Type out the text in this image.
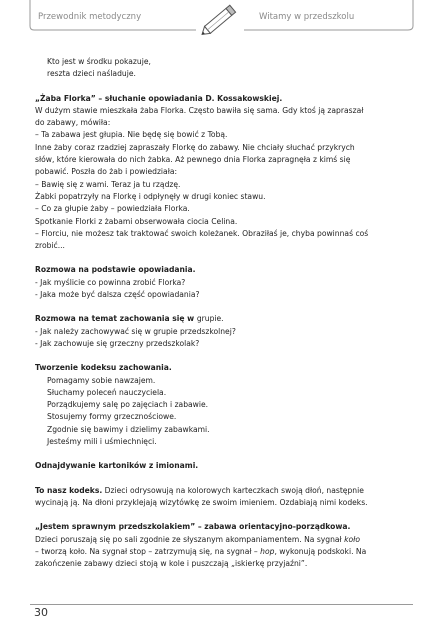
Przewodnik metodyczny	Witamy w przedszkolu

Kto jest w środku pokazuje,

reszta dzieci naśladuje.

„Żaba Florka” – słuchanie opowiadania D. Kossakowskiej.

W dużym stawie mieszkała żaba Florka. Często bawiła się sama. Gdy ktoś ją zapraszał

do zabawy, mówiła:

– Ta zabawa jest głupia. Nie będę się bowić z Tobą.

Inne żaby coraz rzadziej zapraszały Florkę do zabawy. Nie chciały słuchać przykrych

słów, które kierowała do nich żabka. Aż pewnego dnia Florka zapragnęła z kimś się

pobawić. Poszła do żab i powiedziała:

– Bawię się z wami. Teraz ja tu rządzę.

Żabki popatrzyły na Florkę i odpłynęły w drugi koniec stawu.

– Co za głupie żaby – powiedziała Florka.

Spotkanie Florki z żabami obserwowała ciocia Celina.

– Florciu, nie możesz tak traktować swoich koleżanek. Obraziłaś je, chyba powinnaś coś

zrobić...

Rozmowa na podstawie opowiadania.

- Jak myślicie co powinna zrobić Florka?

- Jaka może być dalsza część opowiadania?

Rozmowa na temat zachowania się w grupie.

- Jak należy zachowywać się w grupie przedszkolnej?

- Jak zachowuje się grzeczny przedszkolak?

Tworzenie kodeksu zachowania.

Pomagamy sobie nawzajem.

Słuchamy poleceń nauczyciela.

Porządkujemy salę po zajęciach i zabawie.

Stosujemy formy grzecznościowe.

Zgodnie się bawimy i dzielimy zabawkami.

Jesteśmy mili i uśmiechnięci.

Odnajdywanie kartoników z imionami.

To nasz kodeks. Dzieci odrysowują na kolorowych karteczkach swoją dłoń, następnie

wycinają ją. Na dłoni przyklejają wizytówkę ze swoim imieniem. Ozdabiają nimi kodeks.

„Jestem sprawnym przedszkolakiem” – zabawa orientacyjno-porządkowa.

Dzieci poruszają się po sali zgodnie ze słyszanym akompaniamentem. Na sygnał koło

– tworzą koło. Na sygnał stop – zatrzymują się, na sygnał – hop, wykonują podskoki. Na

zakończenie zabawy dzieci stoją w kole i puszczają „iskierkę przyjaźni”.

30
